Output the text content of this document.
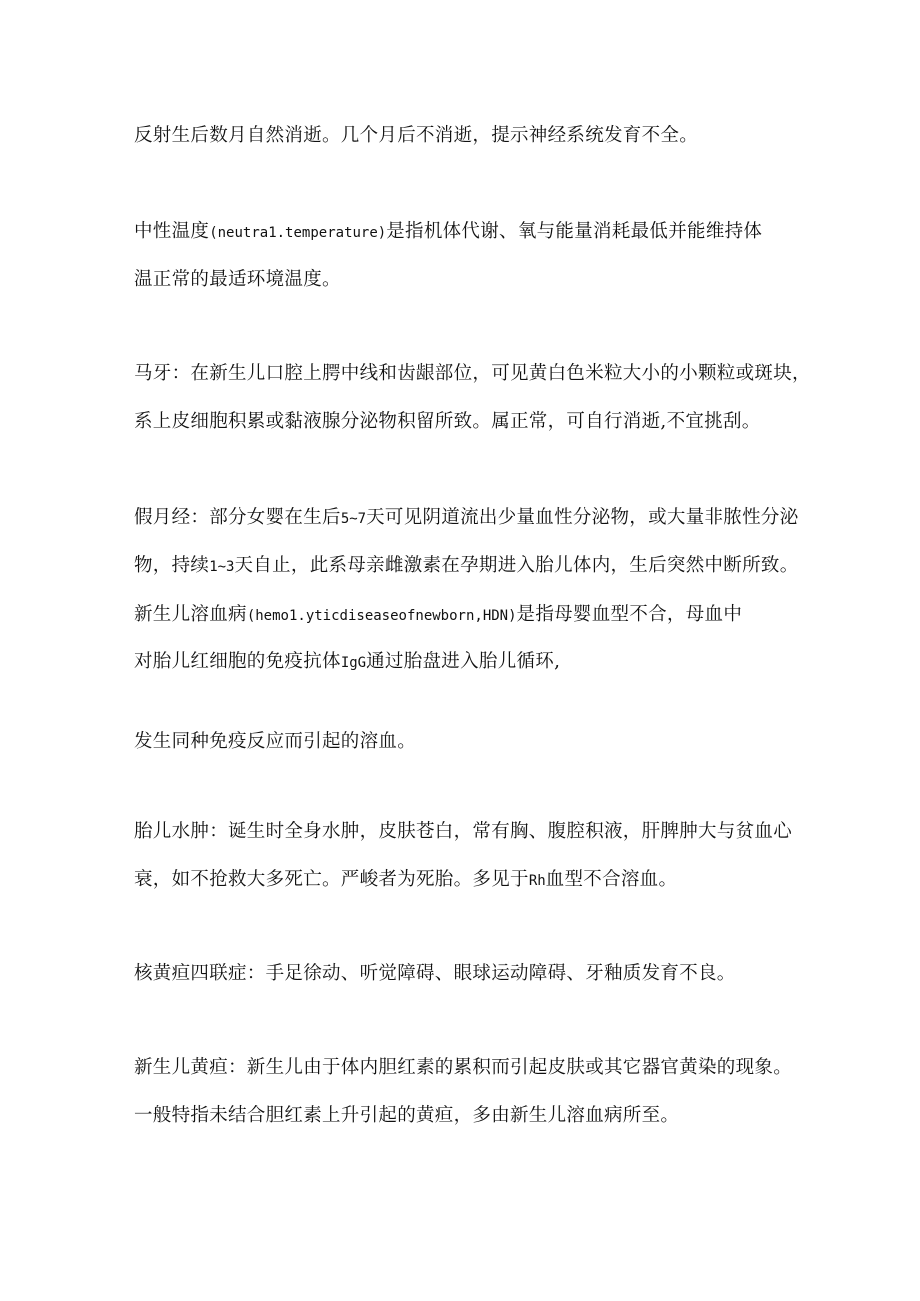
反射生后数月自然消逝。几个月后不消逝，提示神经系统发育不全。
中性温度(neutra1.temperature)是指机体代谢、氧与能量消耗最低并能维持体
温正常的最适环境温度。
马牙：在新生儿口腔上腭中线和齿龈部位，可见黄白色米粒大小的小颗粒或斑块，
系上皮细胞积累或黏液腺分泌物积留所致。属正常，可自行消逝,不宜挑刮。
假月经：部分女婴在生后5~7天可见阴道流出少量血性分泌物，或大量非脓性分泌
物，持续1~3天自止，此系母亲雌激素在孕期进入胎儿体内，生后突然中断所致。
新生儿溶血病(hemo1.yticdiseaseofnewborn,HDN)是指母婴血型不合，母血中
对胎儿红细胞的免疫抗体IgG通过胎盘进入胎儿循环,
发生同种免疫反应而引起的溶血。
胎儿水肿：诞生时全身水肿，皮肤苍白，常有胸、腹腔积液，肝脾肿大与贫血心
衰，如不抢救大多死亡。严峻者为死胎。多见于Rh血型不合溶血。
核黄疸四联症：手足徐动、听觉障碍、眼球运动障碍、牙釉质发育不良。
新生儿黄疸：新生儿由于体内胆红素的累积而引起皮肤或其它器官黄染的现象。
一般特指未结合胆红素上升引起的黄疸，多由新生儿溶血病所至。
